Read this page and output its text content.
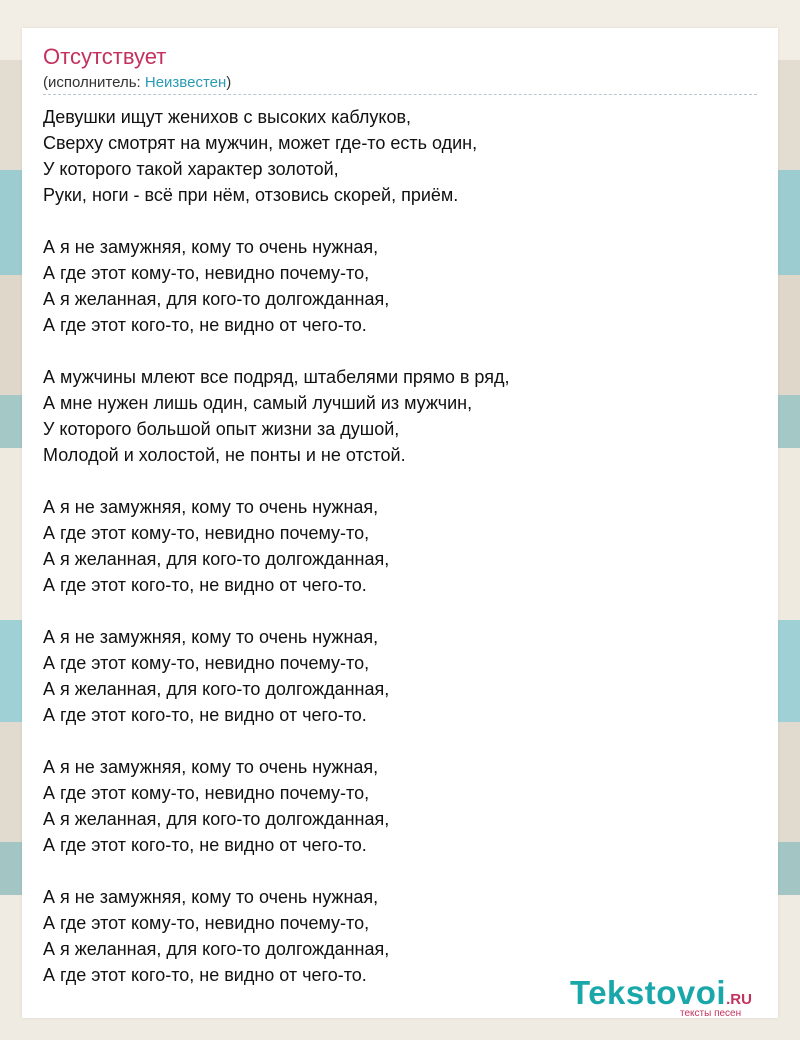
Отсутствует
(исполнитель: Неизвестен)
Девушки ищут женихов с высоких каблуков,
Сверху смотрят на мужчин, может где-то есть один,
У которого такой характер золотой,
Руки, ноги - всё при нём, отзовись скорей, приём.
А я не замужняя, кому то очень нужная,
А где этот кому-то, невидно почему-то,
А я желанная, для кого-то долгожданная,
А где этот кого-то, не видно от чего-то.
А мужчины млеют все подряд, штабелями прямо в ряд,
А мне нужен лишь один, самый лучший из мужчин,
У которого большой опыт жизни за душой,
Молодой и холостой, не понты и не отстой.
А я не замужняя, кому то очень нужная,
А где этот кому-то, невидно почему-то,
А я желанная, для кого-то долгожданная,
А где этот кого-то, не видно от чего-то.
А я не замужняя, кому то очень нужная,
А где этот кому-то, невидно почему-то,
А я желанная, для кого-то долгожданная,
А где этот кого-то, не видно от чего-то.
А я не замужняя, кому то очень нужная,
А где этот кому-то, невидно почему-то,
А я желанная, для кого-то долгожданная,
А где этот кого-то, не видно от чего-то.
А я не замужняя, кому то очень нужная,
А где этот кому-то, невидно почему-то,
А я желанная, для кого-то долгожданная,
А где этот кого-то, не видно от чего-то.	Tekstovoi.RU
тексты песен
